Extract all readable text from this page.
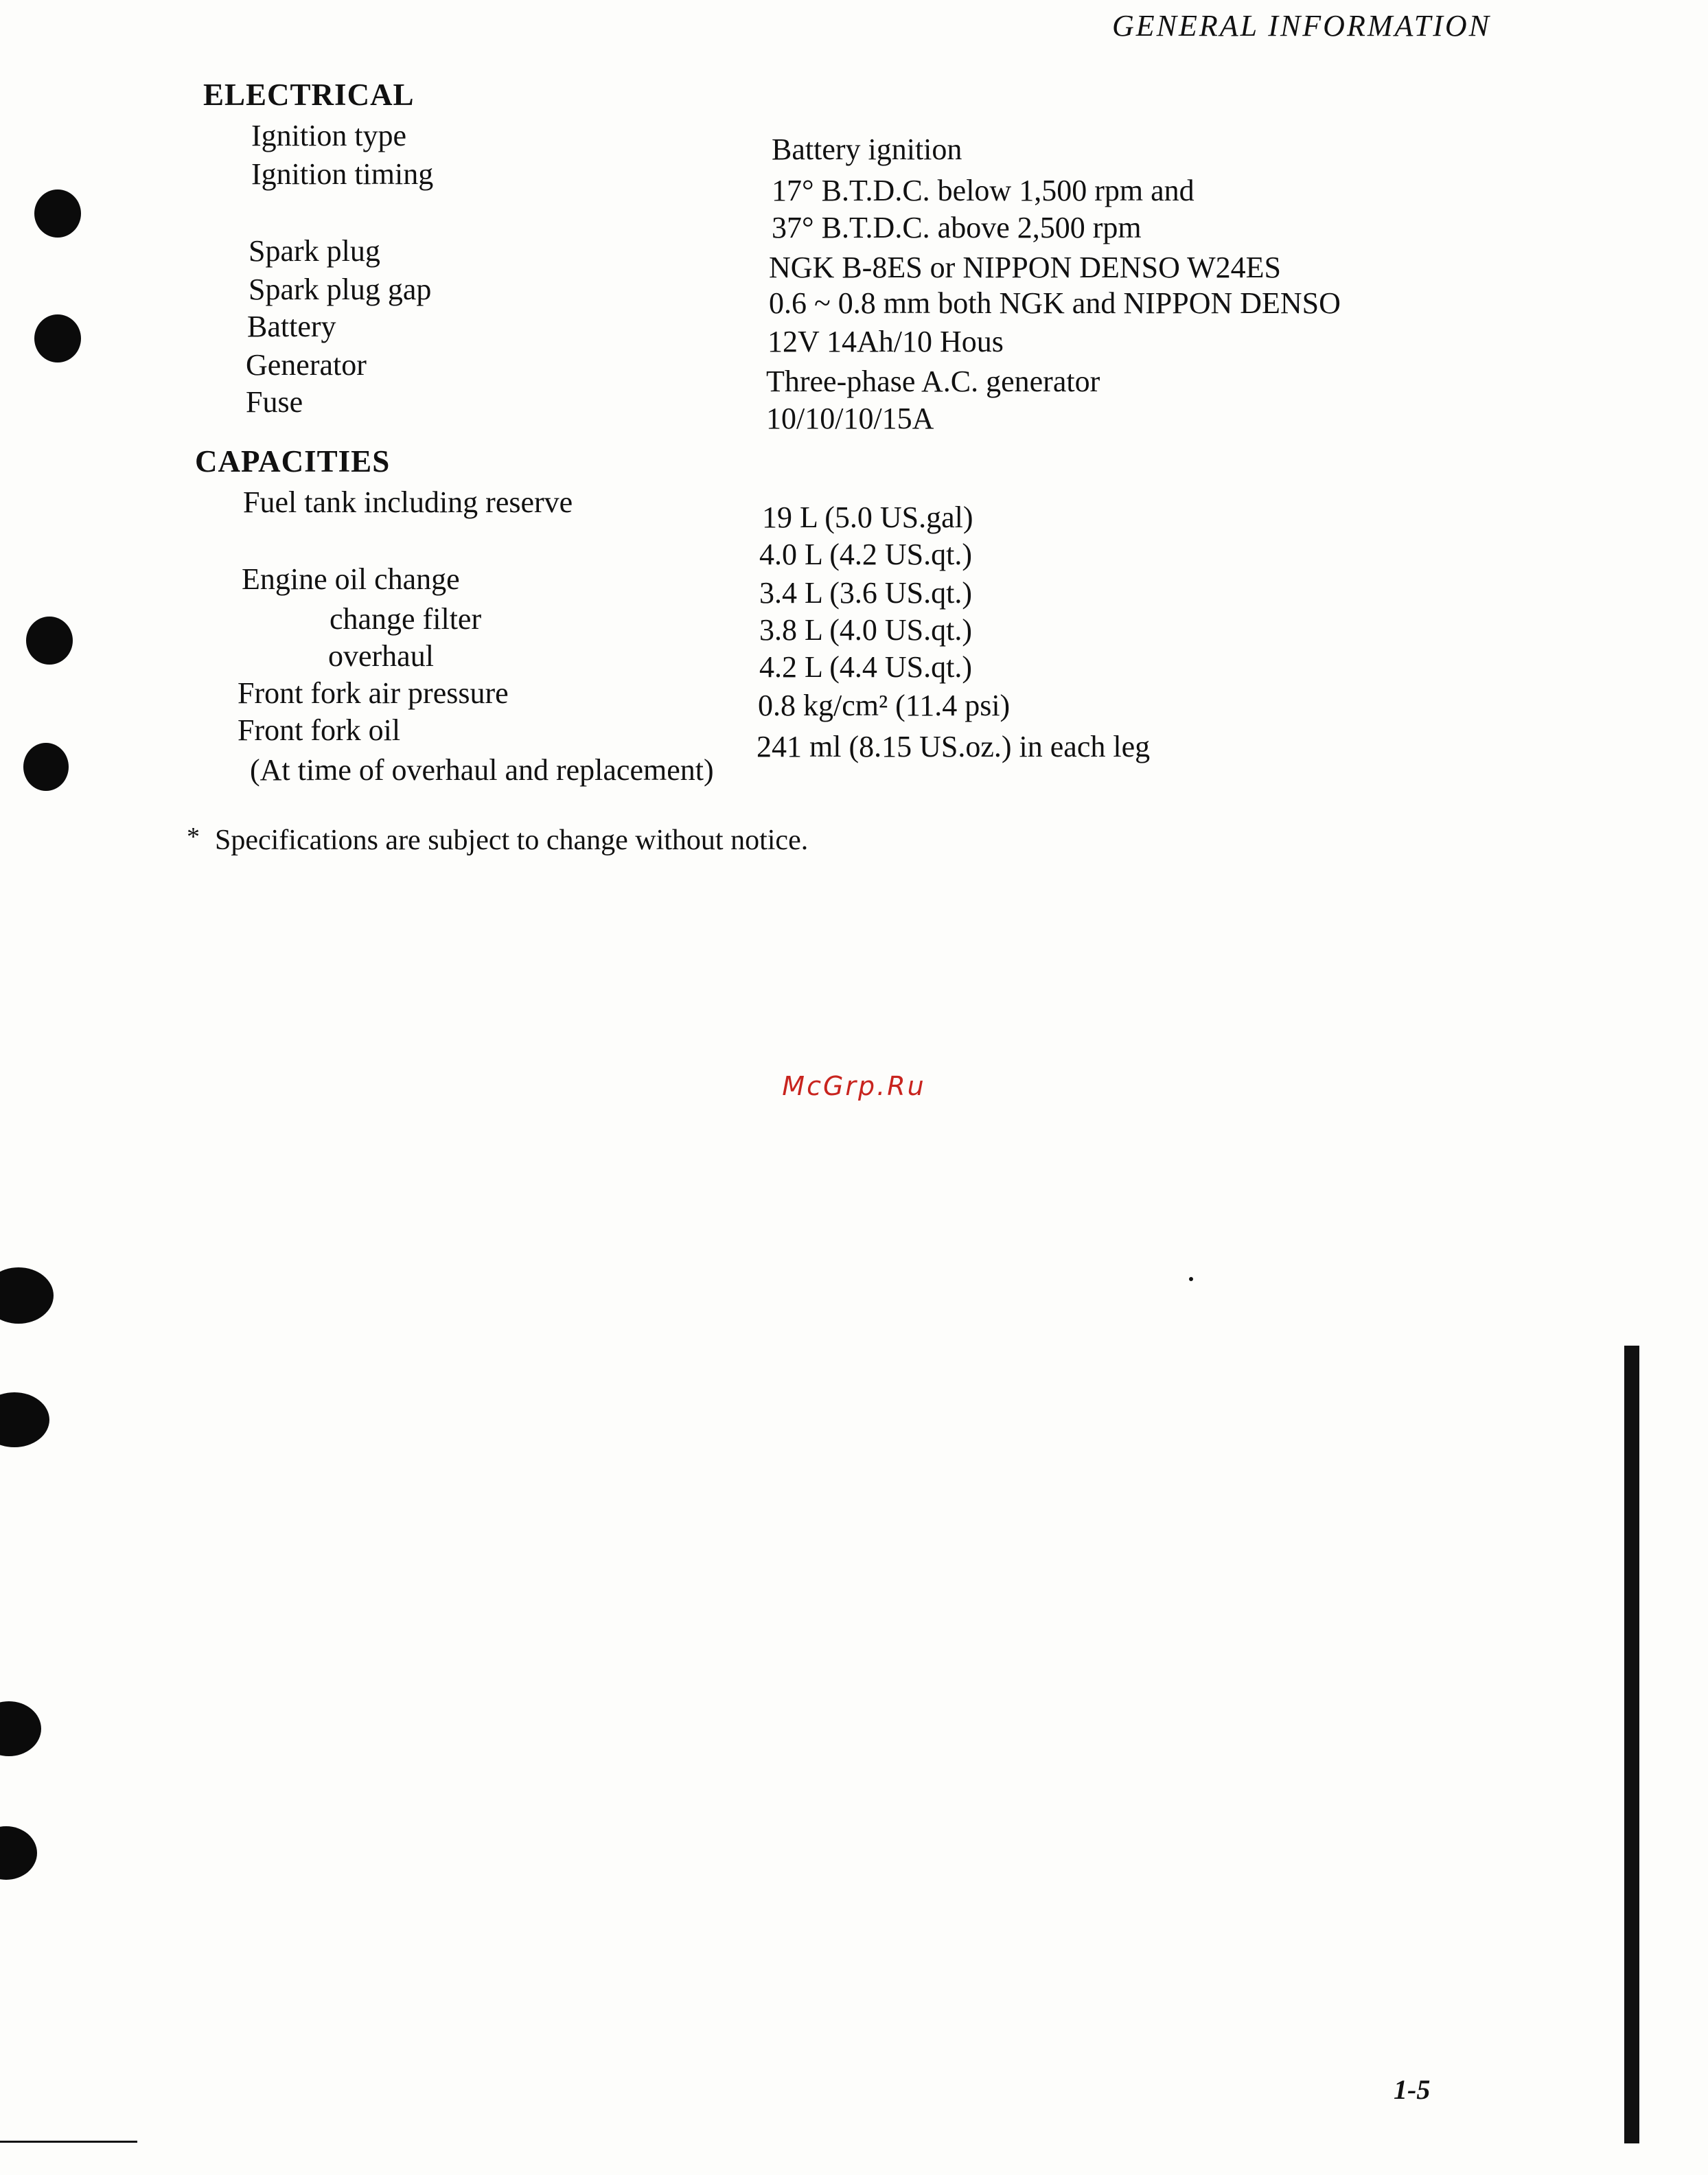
GENERAL INFORMATION
ELECTRICAL
Ignition type	Battery ignition
Ignition timing	17° B.T.D.C. below 1,500 rpm and
37° B.T.D.C. above 2,500 rpm
Spark plug	NGK B-8ES or NIPPON DENSO W24ES
Spark plug gap	0.6 ~ 0.8 mm both NGK and NIPPON DENSO
Battery	12V 14Ah/10 Hous
Generator	Three-phase A.C. generator
Fuse	10/10/10/15A
CAPACITIES
Fuel tank including reserve	19 L (5.0 US.gal)
4.0 L (4.2 US.qt.)
Engine oil change	3.4 L (3.6 US.qt.)
change filter	3.8 L (4.0 US.qt.)
overhaul	4.2 L (4.4 US.qt.)
Front fork air pressure	0.8 kg/cm² (11.4 psi)
Front fork oil	241 ml (8.15 US.oz.) in each leg
(At time of overhaul and replacement)
* Specifications are subject to change without notice.
McGrp.Ru
1-5
